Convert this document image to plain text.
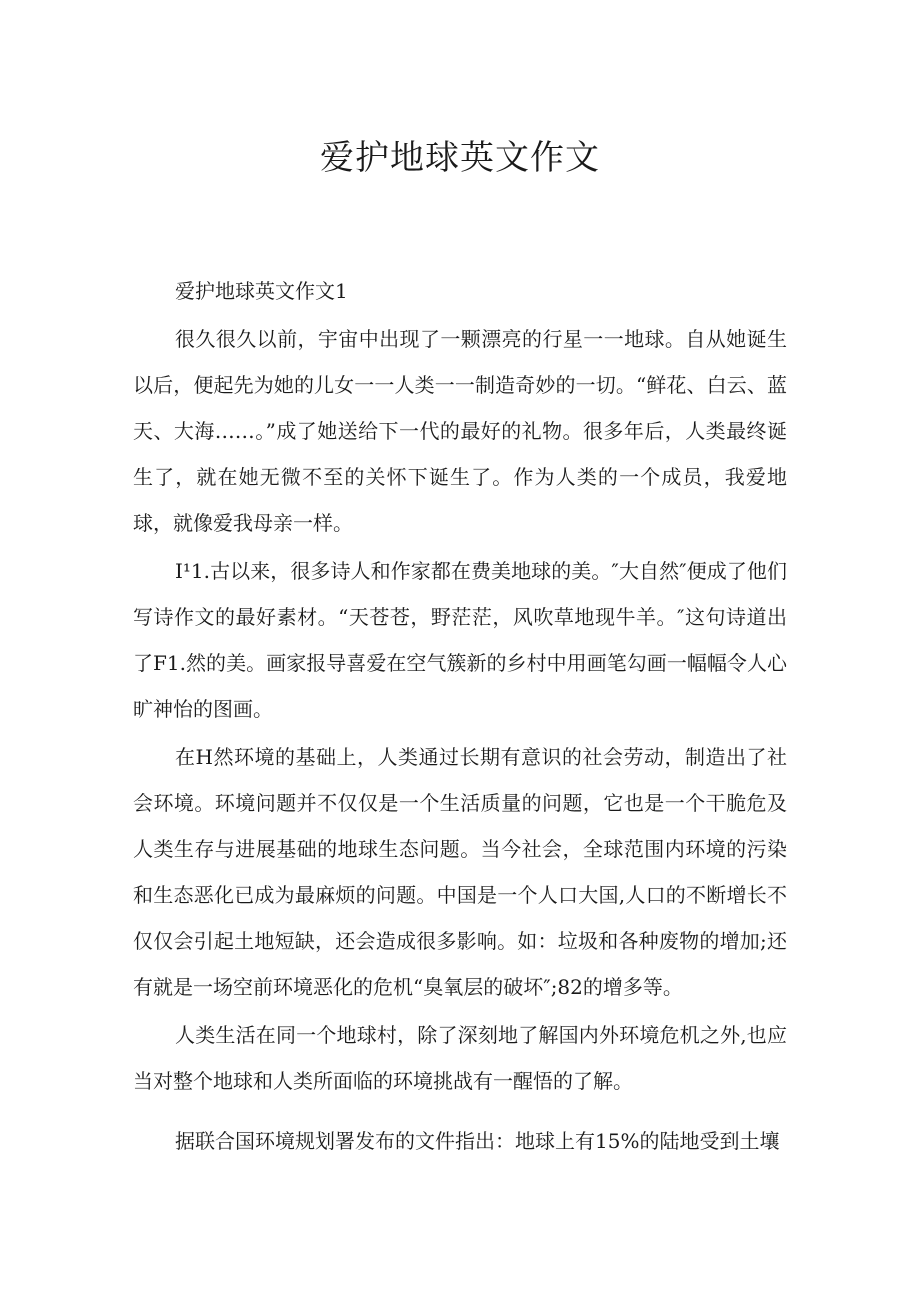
爱护地球英文作文

爱护地球英文作文1

很久很久以前，宇宙中出现了一颗漂亮的行星一一地球。自从她诞生以后，便起先为她的儿女一一人类一一制造奇妙的一切。“鲜花、白云、蓝天、大海……。”成了她送给下一代的最好的礼物。很多年后，人类最终诞生了，就在她无微不至的关怀下诞生了。作为人类的一个成员，我爱地球，就像爱我母亲一样。

I¹1.古以来，很多诗人和作家都在费美地球的美。″大自然″便成了他们写诗作文的最好素材。“天苍苍，野茫茫，风吹草地现牛羊。″这句诗道出了F1.然的美。画家报导喜爱在空气簇新的乡村中用画笔勾画一幅幅令人心旷神怡的图画。

在H然环境的基础上，人类通过长期有意识的社会劳动，制造出了社会环境。环境问题并不仅仅是一个生活质量的问题，它也是一个干脆危及人类生存与进展基础的地球生态问题。当今社会，全球范围内环境的污染和生态恶化已成为最麻烦的问题。中国是一个人口大国,人口的不断增长不仅仅会引起土地短缺，还会造成很多影响。如：垃圾和各种废物的增加;还有就是一场空前环境恶化的危机“臭氧层的破坏″;82的增多等。

人类生活在同一个地球村，除了深刻地了解国内外环境危机之外,也应当对整个地球和人类所面临的环境挑战有一醒悟的了解。

据联合国环境规划署发布的文件指出：地球上有15%的陆地受到土壤
